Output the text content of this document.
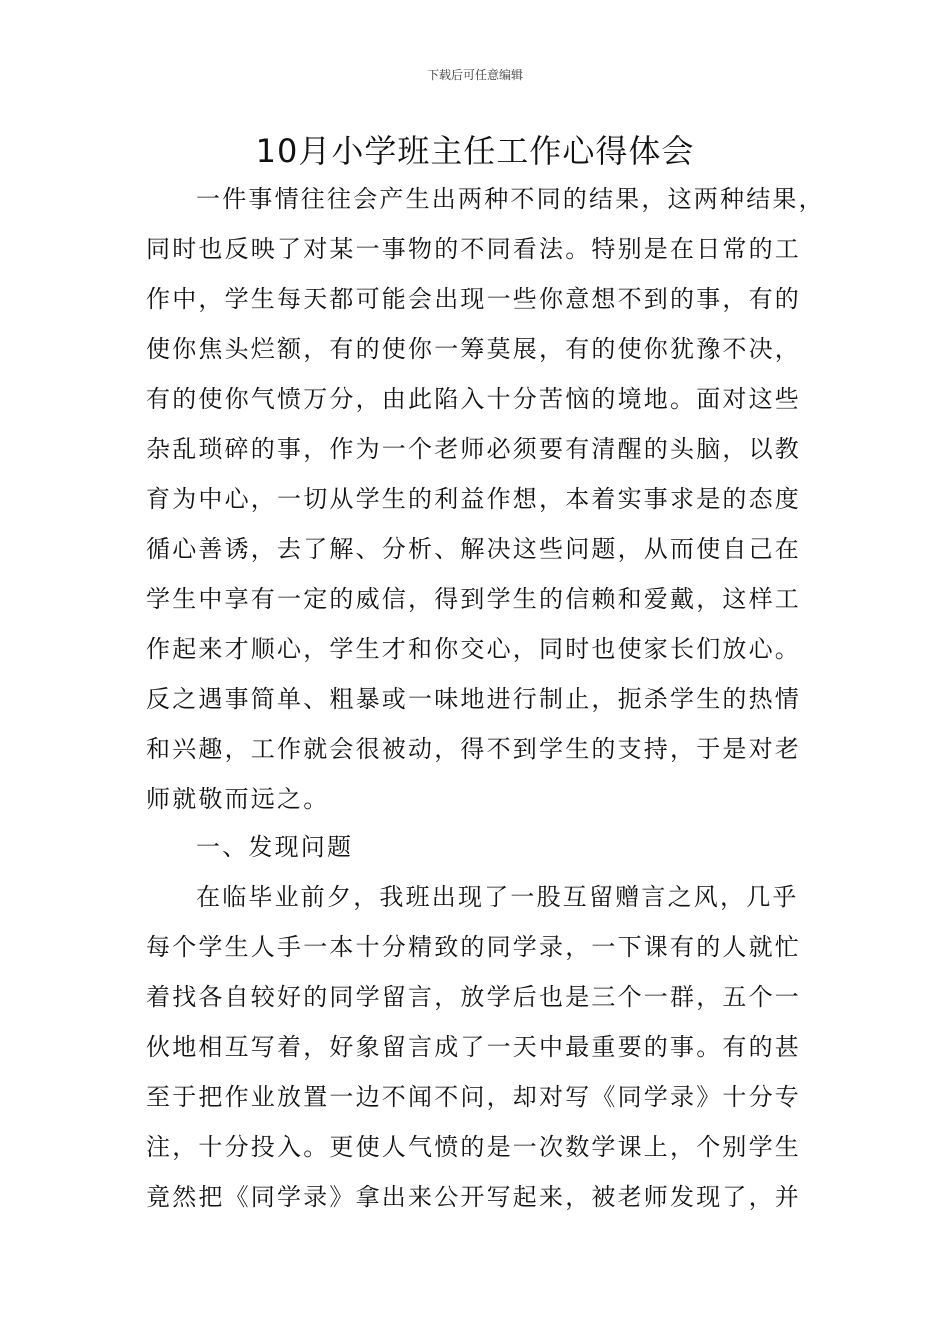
下载后可任意编辑
10月小学班主任工作心得体会
一件事情往往会产生出两种不同的结果，这两种结果，
同时也反映了对某一事物的不同看法。特别是在日常的工
作中，学生每天都可能会出现一些你意想不到的事，有的
使你焦头烂额，有的使你一筹莫展，有的使你犹豫不决，
有的使你气愤万分，由此陷入十分苦恼的境地。面对这些
杂乱琐碎的事，作为一个老师必须要有清醒的头脑，以教
育为中心，一切从学生的利益作想，本着实事求是的态度
循心善诱，去了解、分析、解决这些问题，从而使自己在
学生中享有一定的威信，得到学生的信赖和爱戴，这样工
作起来才顺心，学生才和你交心，同时也使家长们放心。
反之遇事简单、粗暴或一味地进行制止，扼杀学生的热情
和兴趣，工作就会很被动，得不到学生的支持，于是对老
师就敬而远之。
一、发现问题
在临毕业前夕，我班出现了一股互留赠言之风，几乎
每个学生人手一本十分精致的同学录，一下课有的人就忙
着找各自较好的同学留言，放学后也是三个一群，五个一
伙地相互写着，好象留言成了一天中最重要的事。有的甚
至于把作业放置一边不闻不问，却对写《同学录》十分专
注，十分投入。更使人气愤的是一次数学课上，个别学生
竟然把《同学录》拿出来公开写起来，被老师发现了，并
